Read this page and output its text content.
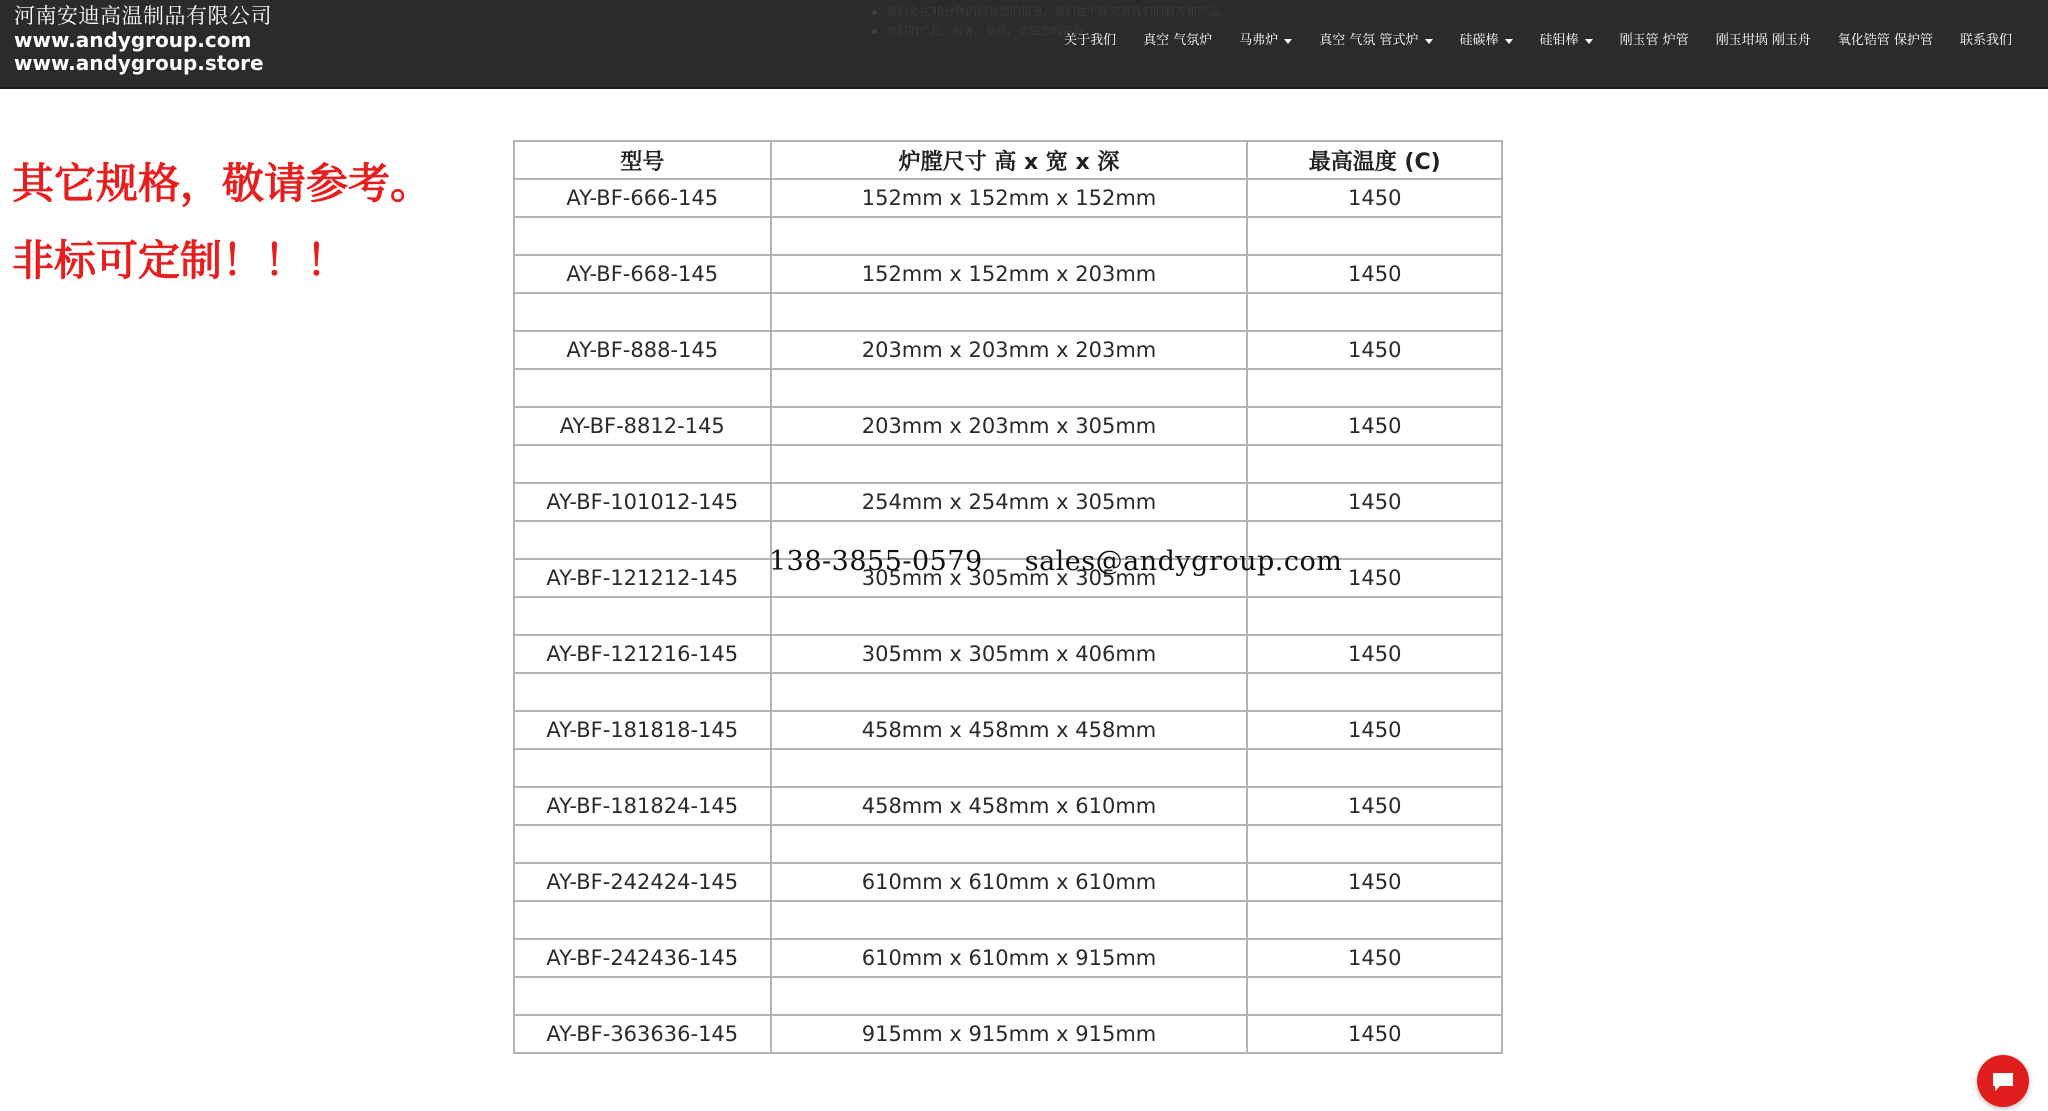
河南安迪高温制品有限公司
www.andygroup.com
www.andygroup.store
我们会在30分钟内回复您的信息，我们也不断完善我们的服务和产品。
我们的产品，服务，品质，欢迎您的咨询。
关于我们 真空 气氛炉 马弗炉	真空 气氛 管式炉	硅碳棒	硅钼棒	刚玉管 炉管 刚玉坩埚 刚玉舟 氧化锆管 保护管 联系我们
其它规格，敬请参考。
非标可定制！！！
型号	炉膛尺寸 高 x 宽 x 深	最高温度 (C)
AY-BF-666-145	152mm x 152mm x 152mm	1450

AY-BF-668-145	152mm x 152mm x 203mm	1450

AY-BF-888-145	203mm x 203mm x 203mm	1450

AY-BF-8812-145	203mm x 203mm x 305mm	1450

AY-BF-101012-145	254mm x 254mm x 305mm	1450

AY-BF-121212-145	305mm x 305mm x 305mm	1450

AY-BF-121216-145	305mm x 305mm x 406mm	1450

AY-BF-181818-145	458mm x 458mm x 458mm	1450

AY-BF-181824-145	458mm x 458mm x 610mm	1450

AY-BF-242424-145	610mm x 610mm x 610mm	1450

AY-BF-242436-145	610mm x 610mm x 915mm	1450

AY-BF-363636-145	915mm x 915mm x 915mm	1450
138-3855-0579 sales@andygroup.com
